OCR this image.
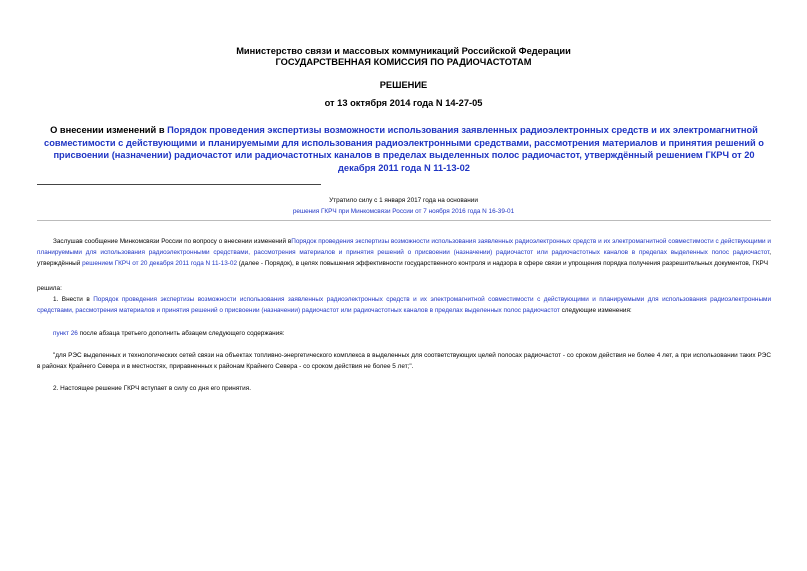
Министерство связи и массовых коммуникаций Российской Федерации
ГОСУДАРСТВЕННАЯ КОМИССИЯ ПО РАДИОЧАСТОТАМ
РЕШЕНИЕ
от 13 октября 2014 года N 14-27-05
О внесении изменений в Порядок проведения экспертизы возможности использования заявленных радиоэлектронных средств и их электромагнитной совместимости с действующими и планируемыми для использования радиоэлектронными средствами, рассмотрения материалов и принятия решений о присвоении (назначении) радиочастот или радиочастотных каналов в пределах выделенных полос радиочастот, утверждённый решением ГКРЧ от 20 декабря 2011 года N 11-13-02
Утратило силу с 1 января 2017 года на основании
решения ГКРЧ при Минкомсвязи России от 7 ноября 2016 года N 16-39-01

Заслушав сообщение Минкомсвязи России по вопросу о внесении изменений вПорядок проведения экспертизы возможности использования заявленных радиоэлектронных средств и их электромагнитной совместимости с действующими и планируемыми для использования радиоэлектронными средствами, рассмотрения материалов и принятия решений о присвоении (назначении) радиочастот или радиочастотных каналов в пределах выделенных полос радиочастот, утверждённый решением ГКРЧ от 20 декабря 2011 года N 11-13-02 (далее - Порядок), в целях повышения эффективности государственного контроля и надзора в сфере связи и упрощения порядка получения разрешительных документов, ГКРЧ

решила:

1. Внести в Порядок проведения экспертизы возможности использования заявленных радиоэлектронных средств и их электромагнитной совместимости с действующими и планируемыми для использования радиоэлектронными средствами, рассмотрения материалов и принятия решений о присвоении (назначении) радиочастот или радиочастотных каналов в пределах выделенных полос радиочастот следующие изменения:

пункт 26 после абзаца третьего дополнить абзацем следующего содержания:

"для РЭС выделенных и технологических сетей связи на объектах топливно-энергетического комплекса в выделенных для соответствующих целей полосах радиочастот - со сроком действия не более 4 лет, а при использовании таких РЭС в районах Крайнего Севера и в местностях, приравненных к районам Крайнего Севера - со сроком действия не более 5 лет;".

2. Настоящее решение ГКРЧ вступает в силу со дня его принятия.
